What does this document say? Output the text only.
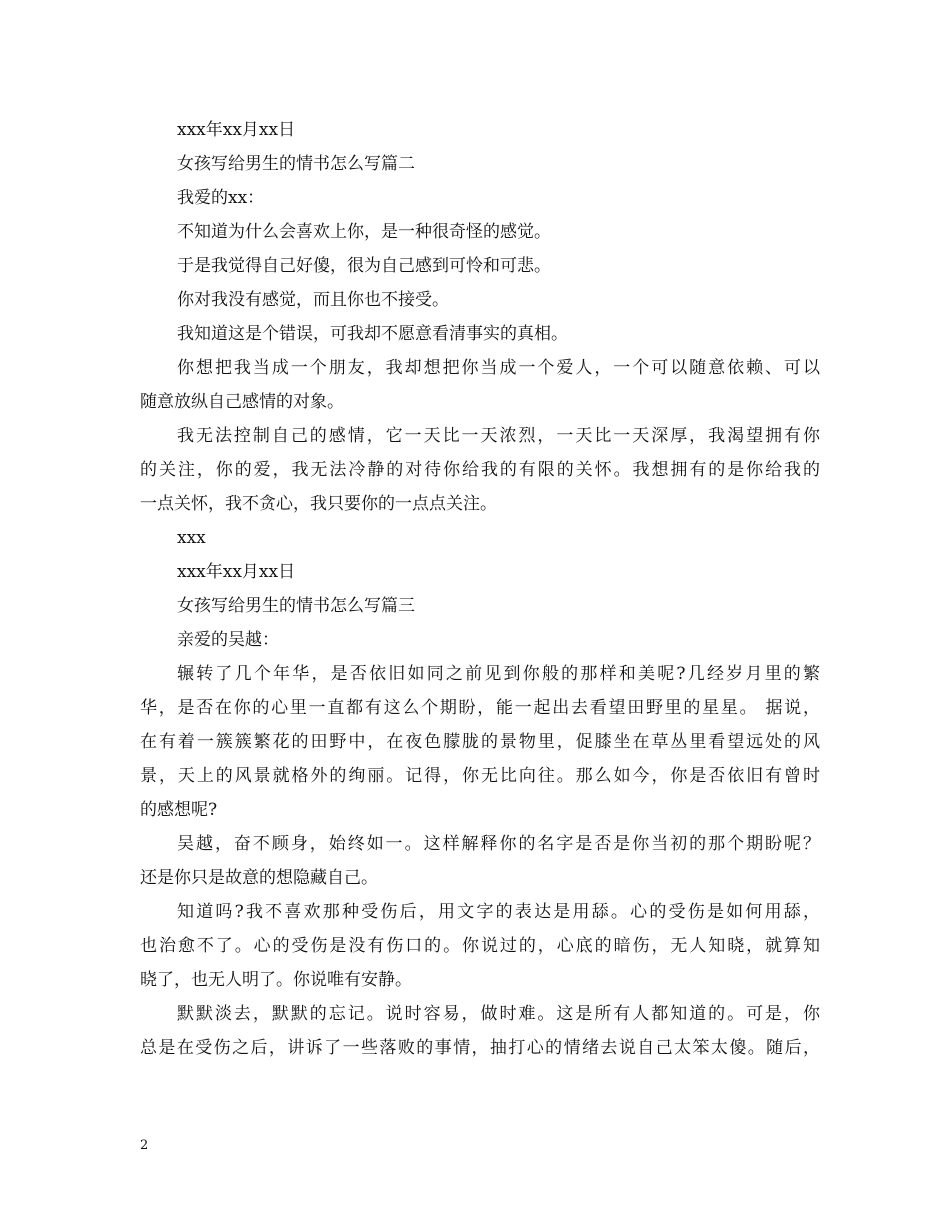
xxx年xx月xx日
女孩写给男生的情书怎么写篇二
我爱的xx：
不知道为什么会喜欢上你，是一种很奇怪的感觉。
于是我觉得自己好傻，很为自己感到可怜和可悲。
你对我没有感觉，而且你也不接受。
我知道这是个错误，可我却不愿意看清事实的真相。
你想把我当成一个朋友，我却想把你当成一个爱人，一个可以随意依赖、可以
随意放纵自己感情的对象。
我无法控制自己的感情，它一天比一天浓烈，一天比一天深厚，我渴望拥有你
的关注，你的爱，我无法冷静的对待你给我的有限的关怀。我想拥有的是你给我的
一点关怀，我不贪心，我只要你的一点点关注。
xxx
xxx年xx月xx日
女孩写给男生的情书怎么写篇三
亲爱的吴越：
辗转了几个年华，是否依旧如同之前见到你般的那样和美呢?几经岁月里的繁
华，是否在你的心里一直都有这么个期盼，能一起出去看望田野里的星星。 据说，
在有着一簇簇繁花的田野中，在夜色朦胧的景物里，促膝坐在草丛里看望远处的风
景，天上的风景就格外的绚丽。记得，你无比向往。那么如今，你是否依旧有曾时
的感想呢?
吴越，奋不顾身，始终如一。这样解释你的名字是否是你当初的那个期盼呢？
还是你只是故意的想隐藏自己。
知道吗?我不喜欢那种受伤后，用文字的表达是用舔。心的受伤是如何用舔，
也治愈不了。心的受伤是没有伤口的。你说过的，心底的暗伤，无人知晓，就算知
晓了，也无人明了。你说唯有安静。
默默淡去，默默的忘记。说时容易，做时难。这是所有人都知道的。可是，你
总是在受伤之后，讲诉了一些落败的事情，抽打心的情绪去说自己太笨太傻。随后，
2
